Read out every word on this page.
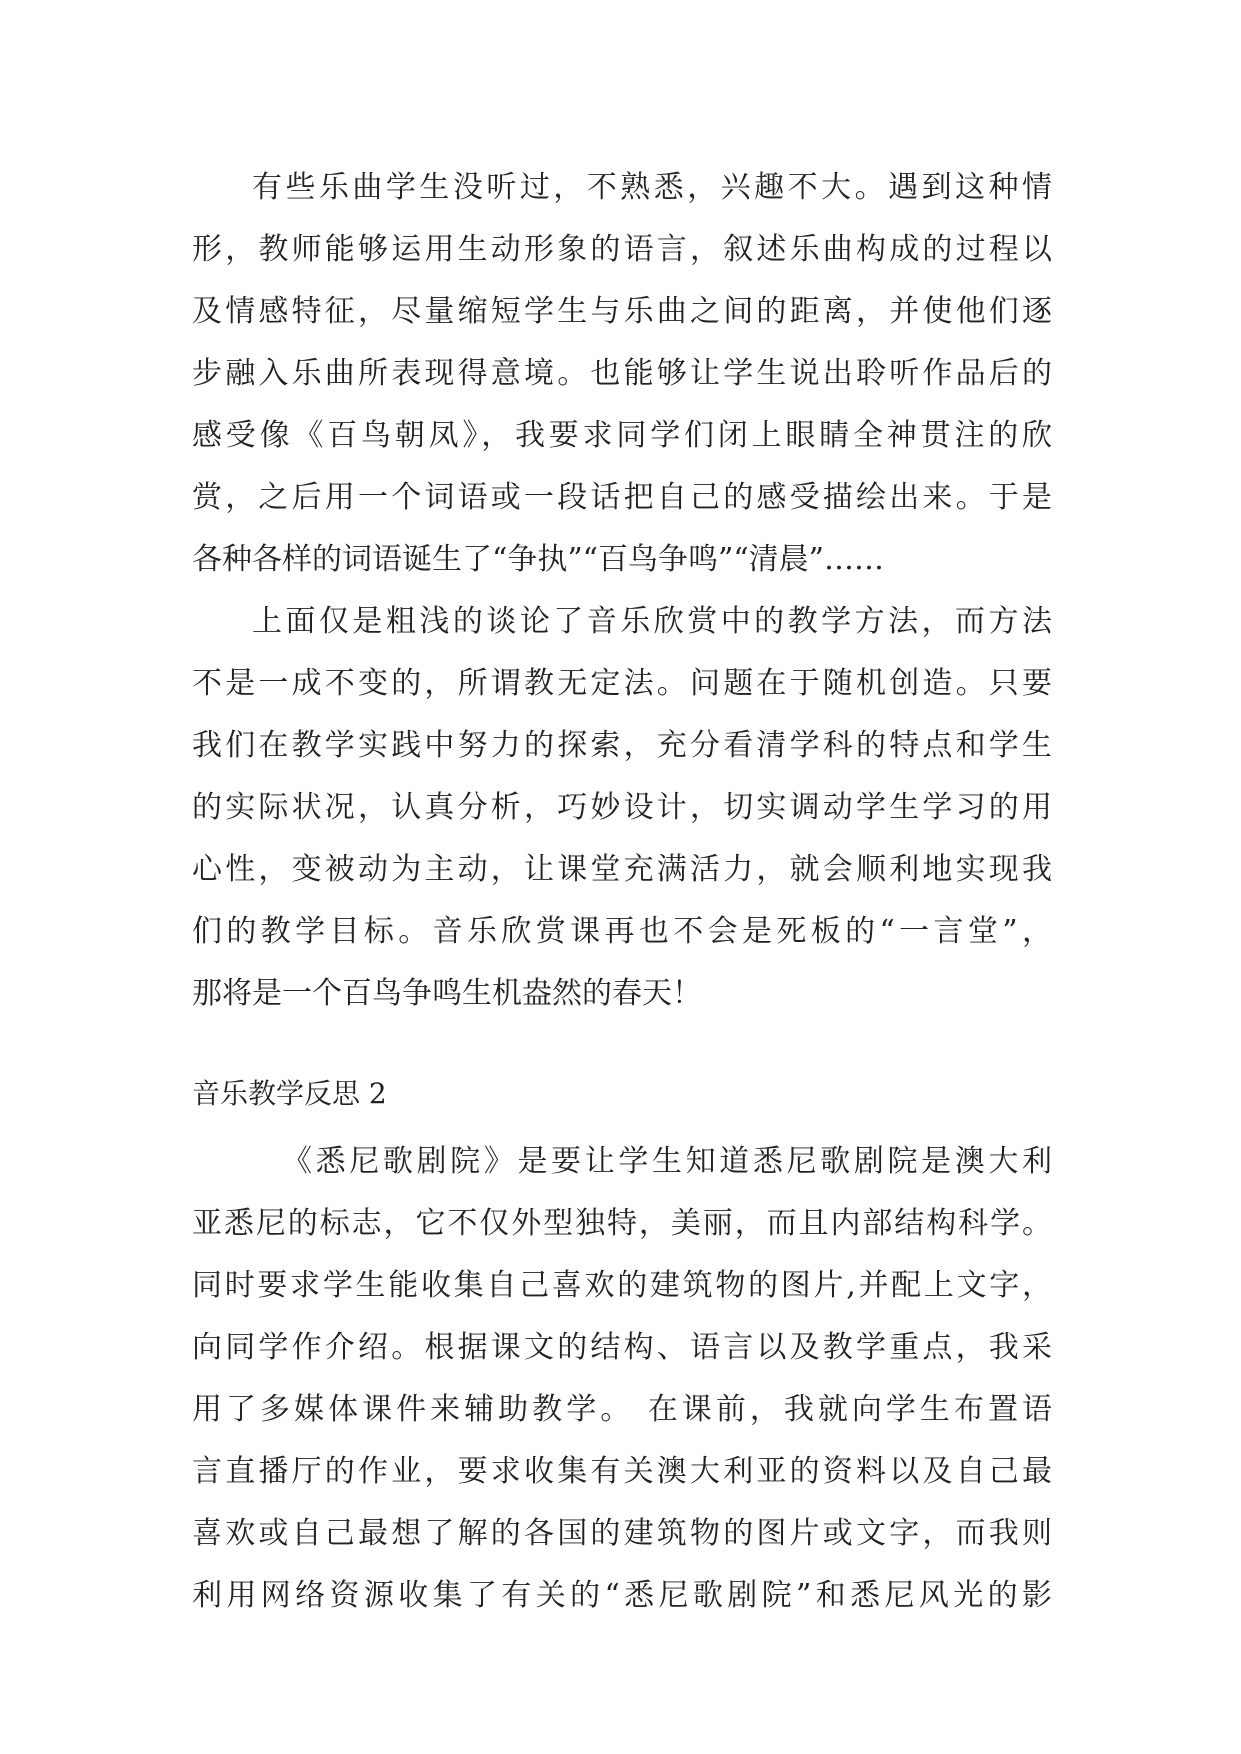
有些乐曲学生没听过，不熟悉，兴趣不大。遇到这种情
形，教师能够运用生动形象的语言，叙述乐曲构成的过程以
及情感特征，尽量缩短学生与乐曲之间的距离，并使他们逐
步融入乐曲所表现得意境。也能够让学生说出聆听作品后的
感受像《百鸟朝凤》，我要求同学们闭上眼睛全神贯注的欣
赏，之后用一个词语或一段话把自己的感受描绘出来。于是
各种各样的词语诞生了“争执”“百鸟争鸣”“清晨”……
上面仅是粗浅的谈论了音乐欣赏中的教学方法，而方法
不是一成不变的，所谓教无定法。问题在于随机创造。只要
我们在教学实践中努力的探索，充分看清学科的特点和学生
的实际状况，认真分析，巧妙设计，切实调动学生学习的用
心性，变被动为主动，让课堂充满活力，就会顺利地实现我
们的教学目标。音乐欣赏课再也不会是死板的“一言堂”，
那将是一个百鸟争鸣生机盎然的春天！
音乐教学反思 2
《悉尼歌剧院》是要让学生知道悉尼歌剧院是澳大利
亚悉尼的标志，它不仅外型独特，美丽，而且内部结构科学。
同时要求学生能收集自己喜欢的建筑物的图片,并配上文字，
向同学作介绍。根据课文的结构、语言以及教学重点，我采
用了多媒体课件来辅助教学。 在课前，我就向学生布置语
言直播厅的作业，要求收集有关澳大利亚的资料以及自己最
喜欢或自己最想了解的各国的建筑物的图片或文字，而我则
利用网络资源收集了有关的“悉尼歌剧院”和悉尼风光的影
